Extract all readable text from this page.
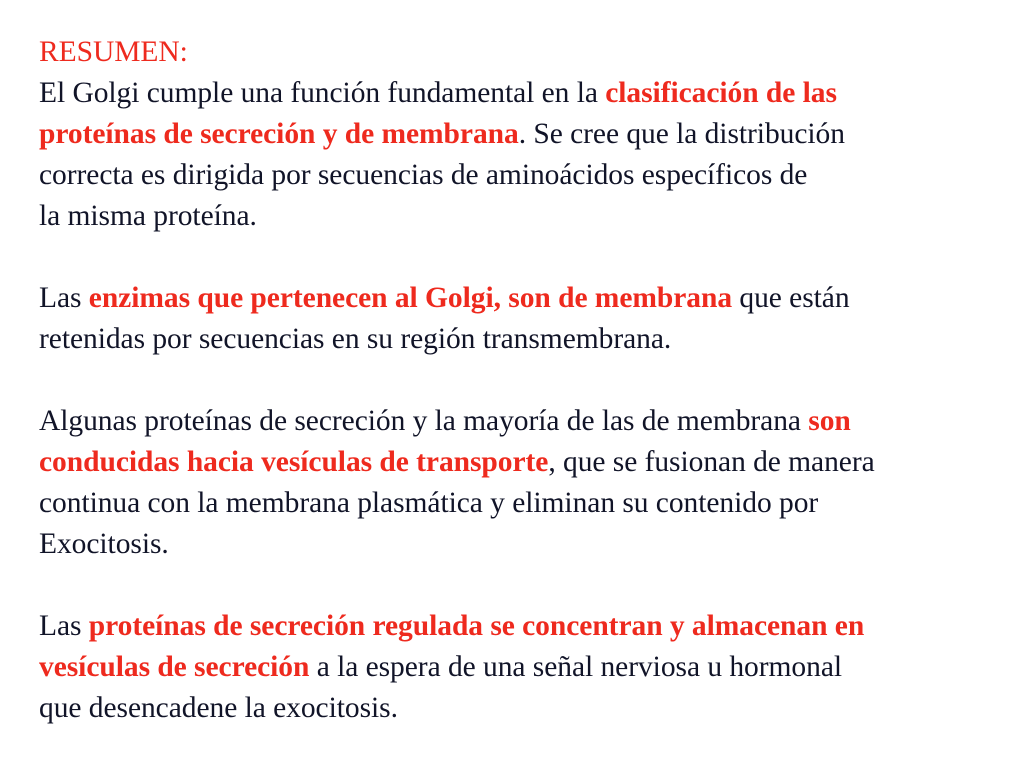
RESUMEN:

El Golgi cumple una función fundamental en la clasificación de las

proteínas de secreción y de membrana. Se cree que la distribución

correcta es dirigida por secuencias de aminoácidos específicos de

la misma proteína.

Las enzimas que pertenecen al Golgi, son de membrana que están

retenidas por secuencias en su región transmembrana.

Algunas proteínas de secreción y la mayoría de las de membrana son

conducidas hacia vesículas de transporte, que se fusionan de manera

continua con la membrana plasmática y eliminan su contenido por

Exocitosis.

Las proteínas de secreción regulada se concentran y almacenan en

vesículas de secreción a la espera de una señal nerviosa u hormonal

que desencadene la exocitosis.
